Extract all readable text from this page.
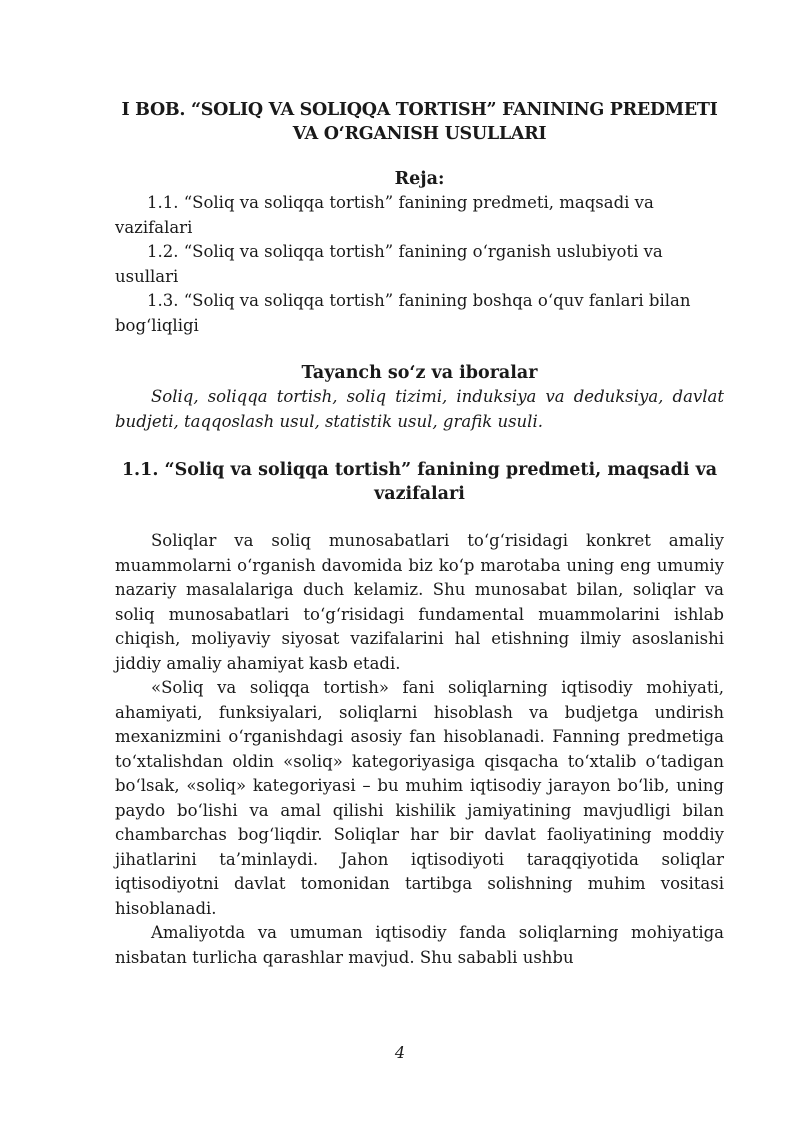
I BOB. “SOLIQ VA SOLIQQA TORTISH” FANINING PREDMETI VA O‘RGANISH USULLARI
Reja:
1.1. “Soliq va soliqqa tortish” fanining predmeti, maqsadi va vazifalari
1.2. “Soliq va soliqqa tortish” fanining o‘rganish uslubiyoti va usullari
1.3. “Soliq va soliqqa tortish” fanining boshqa o‘quv fanlari bilan bog‘liqligi
Tayanch so‘z va iboralar

Soliq, soliqqa tortish, soliq tizimi, induksiya va deduksiya, davlat budjeti, taqqoslash usul, statistik usul, grafik usuli.

1.1. “Soliq va soliqqa tortish” fanining predmeti, maqsadi va vazifalari

Soliqlar va soliq munosabatlari to‘g‘risidagi konkret amaliy muammolarni o‘rganish davomida biz ko‘p marotaba uning eng umumiy nazariy masalalariga duch kelamiz. Shu munosabat bilan, soliqlar va soliq munosabatlari to‘g‘risidagi fundamental muammolarini ishlab chiqish, moliyaviy siyosat vazifalarini hal etishning ilmiy asoslanishi jiddiy amaliy ahamiyat kasb etadi.

«Soliq va soliqqa tortish» fani soliqlarning iqtisodiy mohiyati, ahamiyati, funksiyalari, soliqlarni hisoblash va budjetga undirish mexanizmini o‘rganishdagi asosiy fan hisoblanadi. Fanning predmetiga to‘xtalishdan oldin «soliq» kategoriyasiga qisqacha to‘xtalib o‘tadigan bo‘lsak, «soliq» kategoriyasi – bu muhim iqtisodiy jarayon bo‘lib, uning paydo bo‘lishi va amal qilishi kishilik jamiyatining mavjudligi bilan chambarchas bog‘liqdir. Soliqlar har bir davlat faoliyatining moddiy jihatlarini ta’minlaydi. Jahon iqtisodiyoti taraqqiyotida soliqlar iqtisodiyotni davlat tomonidan tartibga solishning muhim vositasi hisoblanadi.

Amaliyotda va umuman iqtisodiy fanda soliqlarning mohiyatiga nisbatan turlicha qarashlar mavjud. Shu sababli ushbu

4
